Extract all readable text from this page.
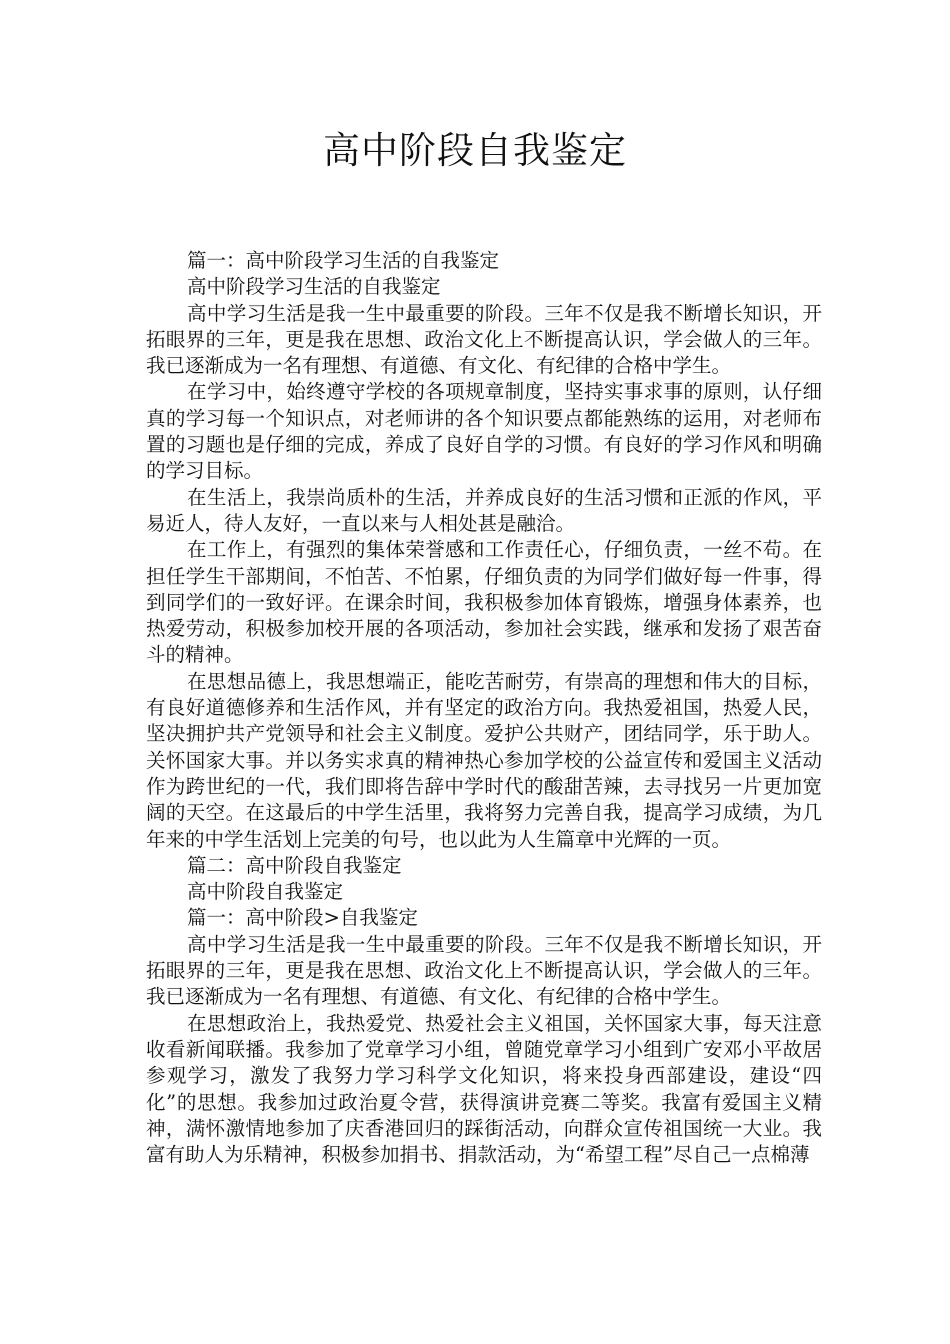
高中阶段自我鉴定

篇一：高中阶段学习生活的自我鉴定

高中阶段学习生活的自我鉴定

高中学习生活是我一生中最重要的阶段。三年不仅是我不断增长知识，开拓眼界的三年，更是我在思想、政治文化上不断提高认识，学会做人的三年。我已逐渐成为一名有理想、有道德、有文化、有纪律的合格中学生。

在学习中，始终遵守学校的各项规章制度，坚持实事求事的原则，认仔细真的学习每一个知识点，对老师讲的各个知识要点都能熟练的运用，对老师布置的习题也是仔细的完成，养成了良好自学的习惯。有良好的学习作风和明确的学习目标。

在生活上，我崇尚质朴的生活，并养成良好的生活习惯和正派的作风，平易近人，待人友好，一直以来与人相处甚是融洽。

在工作上，有强烈的集体荣誉感和工作责任心，仔细负责，一丝不苟。在担任学生干部期间，不怕苦、不怕累，仔细负责的为同学们做好每一件事，得到同学们的一致好评。在课余时间，我积极参加体育锻炼，增强身体素养，也热爱劳动，积极参加校开展的各项活动，参加社会实践，继承和发扬了艰苦奋斗的精神。

在思想品德上，我思想端正，能吃苦耐劳，有崇高的理想和伟大的目标，有良好道德修养和生活作风，并有坚定的政治方向。我热爱祖国，热爱人民，坚决拥护共产党领导和社会主义制度。爱护公共财产，团结同学，乐于助人。关怀国家大事。并以务实求真的精神热心参加学校的公益宣传和爱国主义活动作为跨世纪的一代，我们即将告辞中学时代的酸甜苦辣，去寻找另一片更加宽阔的天空。在这最后的中学生活里，我将努力完善自我，提高学习成绩，为几年来的中学生活划上完美的句号，也以此为人生篇章中光辉的一页。

篇二：高中阶段自我鉴定

高中阶段自我鉴定

篇一：高中阶段>自我鉴定

高中学习生活是我一生中最重要的阶段。三年不仅是我不断增长知识，开拓眼界的三年，更是我在思想、政治文化上不断提高认识，学会做人的三年。我已逐渐成为一名有理想、有道德、有文化、有纪律的合格中学生。

在思想政治上，我热爱党、热爱社会主义祖国，关怀国家大事，每天注意收看新闻联播。我参加了党章学习小组，曾随党章学习小组到广安邓小平故居参观学习，激发了我努力学习科学文化知识，将来投身西部建设，建设“四化”的思想。我参加过政治夏令营，获得演讲竞赛二等奖。我富有爱国主义精神，满怀激情地参加了庆香港回归的踩街活动，向群众宣传祖国统一大业。我富有助人为乐精神，积极参加捐书、捐款活动，为“希望工程”尽自己一点棉薄
